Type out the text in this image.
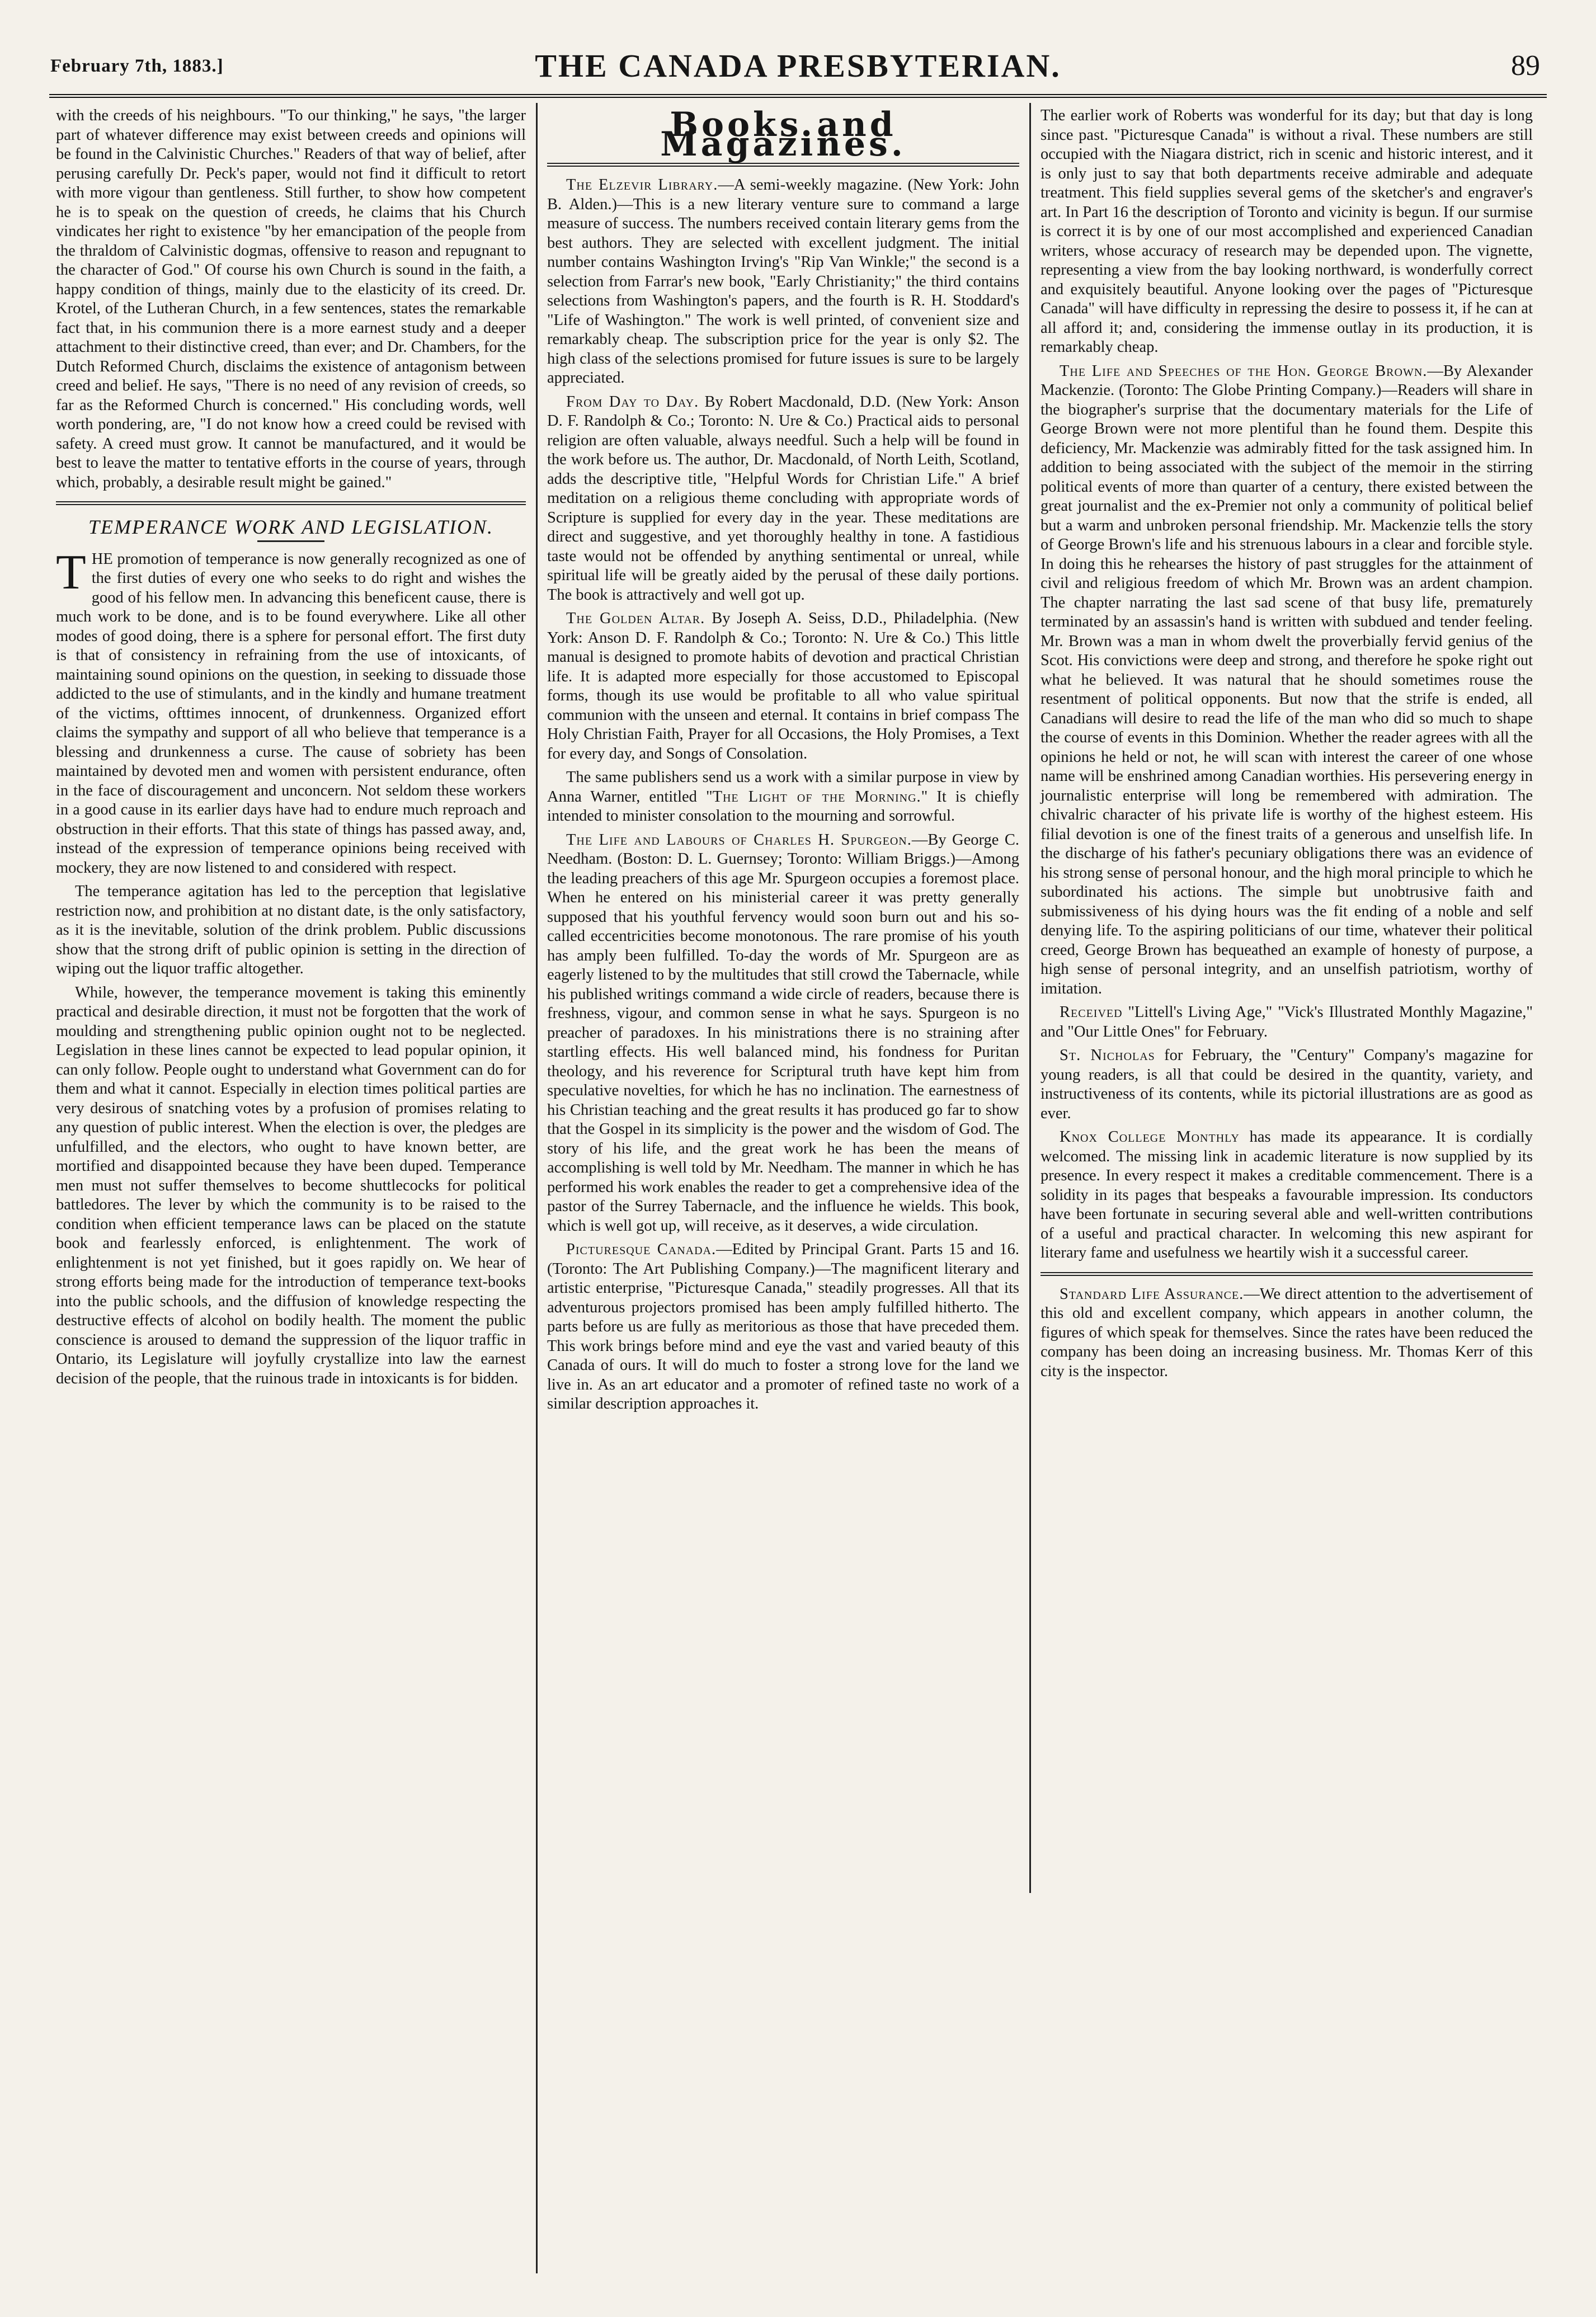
February 7th, 1883.]	THE CANADA PRESBYTERIAN.	89

with the creeds of his neighbours. "To our thinking," he says, "the larger part of whatever difference may exist between creeds and opinions will be found in the Calvinistic Churches." Readers of that way of belief, after perusing carefully Dr. Peck's paper, would not find it difficult to retort with more vigour than gentleness. Still further, to show how competent he is to speak on the question of creeds, he claims that his Church vindicates her right to existence "by her emancipation of the people from the thraldom of Calvinistic dogmas, offensive to reason and repugnant to the character of God." Of course his own Church is sound in the faith, a happy condition of things, mainly due to the elasticity of its creed. Dr. Krotel, of the Lutheran Church, in a few sentences, states the remarkable fact that, in his communion there is a more earnest study and a deeper attachment to their distinctive creed, than ever; and Dr. Chambers, for the Dutch Reformed Church, disclaims the existence of antagonism between creed and belief. He says, "There is no need of any revision of creeds, so far as the Reformed Church is concerned." His concluding words, well worth pondering, are, "I do not know how a creed could be revised with safety. A creed must grow. It cannot be manufactured, and it would be best to leave the matter to tentative efforts in the course of years, through which, probably, a desirable result might be gained."

TEMPERANCE WORK AND LEGISLATION.

THE promotion of temperance is now generally recognized as one of the first duties of every one who seeks to do right and wishes the good of his fellow men. In advancing this beneficent cause, there is much work to be done, and is to be found everywhere. Like all other modes of good doing, there is a sphere for personal effort. The first duty is that of consistency in refraining from the use of intoxicants, of maintaining sound opinions on the question, in seeking to dissuade those addicted to the use of stimulants, and in the kindly and humane treatment of the victims, ofttimes innocent, of drunkenness. Organized effort claims the sympathy and support of all who believe that temperance is a blessing and drunkenness a curse. The cause of sobriety has been maintained by devoted men and women with persistent endurance, often in the face of discouragement and unconcern. Not seldom these workers in a good cause in its earlier days have had to endure much reproach and obstruction in their efforts. That this state of things has passed away, and, instead of the expression of temperance opinions being received with mockery, they are now listened to and considered with respect.

The temperance agitation has led to the perception that legislative restriction now, and prohibition at no distant date, is the only satisfactory, as it is the inevitable, solution of the drink problem. Public discussions show that the strong drift of public opinion is setting in the direction of wiping out the liquor traffic altogether.

While, however, the temperance movement is taking this eminently practical and desirable direction, it must not be forgotten that the work of moulding and strengthening public opinion ought not to be neglected. Legislation in these lines cannot be expected to lead popular opinion, it can only follow. People ought to understand what Government can do for them and what it cannot. Especially in election times political parties are very desirous of snatching votes by a profusion of promises relating to any question of public interest. When the election is over, the pledges are unfulfilled, and the electors, who ought to have known better, are mortified and disappointed because they have been duped. Temperance men must not suffer themselves to become shuttlecocks for political battledores. The lever by which the community is to be raised to the condition when efficient temperance laws can be placed on the statute book and fearlessly enforced, is enlightenment. The work of enlightenment is not yet finished, but it goes rapidly on. We hear of strong efforts being made for the introduction of temperance text-books into the public schools, and the diffusion of knowledge respecting the destructive effects of alcohol on bodily health. The moment the public conscience is aroused to demand the suppression of the liquor traffic in Ontario, its Legislature will joyfully crystallize into law the earnest decision of the people, that the ruinous trade in intoxicants is for bidden.

Books and Magazines.

The Elzevir Library.—A semi-weekly magazine. (New York: John B. Alden.)—This is a new literary venture sure to command a large measure of success. The numbers received contain literary gems from the best authors. They are selected with excellent judgment. The initial number contains Washington Irving's "Rip Van Winkle;" the second is a selection from Farrar's new book, "Early Christianity;" the third contains selections from Washington's papers, and the fourth is R. H. Stoddard's "Life of Washington." The work is well printed, of convenient size and remarkably cheap. The subscription price for the year is only $2. The high class of the selections promised for future issues is sure to be largely appreciated.

From Day to Day. By Robert Macdonald, D.D. (New York: Anson D. F. Randolph & Co.; Toronto: N. Ure & Co.) Practical aids to personal religion are often valuable, always needful. Such a help will be found in the work before us. The author, Dr. Macdonald, of North Leith, Scotland, adds the descriptive title, "Helpful Words for Christian Life." A brief meditation on a religious theme concluding with appropriate words of Scripture is supplied for every day in the year. These meditations are direct and suggestive, and yet thoroughly healthy in tone. A fastidious taste would not be offended by anything sentimental or unreal, while spiritual life will be greatly aided by the perusal of these daily portions. The book is attractively and well got up.

The Golden Altar. By Joseph A. Seiss, D.D., Philadelphia. (New York: Anson D. F. Randolph & Co.; Toronto: N. Ure & Co.) This little manual is designed to promote habits of devotion and practical Christian life. It is adapted more especially for those accustomed to Episcopal forms, though its use would be profitable to all who value spiritual communion with the unseen and eternal. It contains in brief compass The Holy Christian Faith, Prayer for all Occasions, the Holy Promises, a Text for every day, and Songs of Consolation.

The same publishers send us a work with a similar purpose in view by Anna Warner, entitled "The Light of the Morning." It is chiefly intended to minister consolation to the mourning and sorrowful.

The Life and Labours of Charles H. Spurgeon.—By George C. Needham. (Boston: D. L. Guernsey; Toronto: William Briggs.)—Among the leading preachers of this age Mr. Spurgeon occupies a foremost place. When he entered on his ministerial career it was pretty generally supposed that his youthful fervency would soon burn out and his so-called eccentricities become monotonous. The rare promise of his youth has amply been fulfilled. To-day the words of Mr. Spurgeon are as eagerly listened to by the multitudes that still crowd the Tabernacle, while his published writings command a wide circle of readers, because there is freshness, vigour, and common sense in what he says. Spurgeon is no preacher of paradoxes. In his ministrations there is no straining after startling effects. His well balanced mind, his fondness for Puritan theology, and his reverence for Scriptural truth have kept him from speculative novelties, for which he has no inclination. The earnestness of his Christian teaching and the great results it has produced go far to show that the Gospel in its simplicity is the power and the wisdom of God. The story of his life, and the great work he has been the means of accomplishing is well told by Mr. Needham. The manner in which he has performed his work enables the reader to get a comprehensive idea of the pastor of the Surrey Tabernacle, and the influence he wields. This book, which is well got up, will receive, as it deserves, a wide circulation.

Picturesque Canada.—Edited by Principal Grant. Parts 15 and 16. (Toronto: The Art Publishing Company.)—The magnificent literary and artistic enterprise, "Picturesque Canada," steadily progresses. All that its adventurous projectors promised has been amply fulfilled hitherto. The parts before us are fully as meritorious as those that have preceded them. This work brings before mind and eye the vast and varied beauty of this Canada of ours. It will do much to foster a strong love for the land we live in. As an art educator and a promoter of refined taste no work of a similar description approaches it.

The earlier work of Roberts was wonderful for its day; but that day is long since past. "Picturesque Canada" is without a rival. These numbers are still occupied with the Niagara district, rich in scenic and historic interest, and it is only just to say that both departments receive admirable and adequate treatment. This field supplies several gems of the sketcher's and engraver's art. In Part 16 the description of Toronto and vicinity is begun. If our surmise is correct it is by one of our most accomplished and experienced Canadian writers, whose accuracy of research may be depended upon. The vignette, representing a view from the bay looking northward, is wonderfully correct and exquisitely beautiful. Anyone looking over the pages of "Picturesque Canada" will have difficulty in repressing the desire to possess it, if he can at all afford it; and, considering the immense outlay in its production, it is remarkably cheap.

The Life and Speeches of the Hon. George Brown.—By Alexander Mackenzie. (Toronto: The Globe Printing Company.)—Readers will share in the biographer's surprise that the documentary materials for the Life of George Brown were not more plentiful than he found them. Despite this deficiency, Mr. Mackenzie was admirably fitted for the task assigned him. In addition to being associated with the subject of the memoir in the stirring political events of more than quarter of a century, there existed between the great journalist and the ex-Premier not only a community of political belief but a warm and unbroken personal friendship. Mr. Mackenzie tells the story of George Brown's life and his strenuous labours in a clear and forcible style. In doing this he rehearses the history of past struggles for the attainment of civil and religious freedom of which Mr. Brown was an ardent champion. The chapter narrating the last sad scene of that busy life, prematurely terminated by an assassin's hand is written with subdued and tender feeling. Mr. Brown was a man in whom dwelt the proverbially fervid genius of the Scot. His convictions were deep and strong, and therefore he spoke right out what he believed. It was natural that he should sometimes rouse the resentment of political opponents. But now that the strife is ended, all Canadians will desire to read the life of the man who did so much to shape the course of events in this Dominion. Whether the reader agrees with all the opinions he held or not, he will scan with interest the career of one whose name will be enshrined among Canadian worthies. His persevering energy in journalistic enterprise will long be remembered with admiration. The chivalric character of his private life is worthy of the highest esteem. His filial devotion is one of the finest traits of a generous and unselfish life. In the discharge of his father's pecuniary obligations there was an evidence of his strong sense of personal honour, and the high moral principle to which he subordinated his actions. The simple but unobtrusive faith and submissiveness of his dying hours was the fit ending of a noble and self denying life. To the aspiring politicians of our time, whatever their political creed, George Brown has bequeathed an example of honesty of purpose, a high sense of personal integrity, and an unselfish patriotism, worthy of imitation.

Received "Littell's Living Age," "Vick's Illustrated Monthly Magazine," and "Our Little Ones" for February.

St. Nicholas for February, the "Century" Company's magazine for young readers, is all that could be desired in the quantity, variety, and instructiveness of its contents, while its pictorial illustrations are as good as ever.

Knox College Monthly has made its appearance. It is cordially welcomed. The missing link in academic literature is now supplied by its presence. In every respect it makes a creditable commencement. There is a solidity in its pages that bespeaks a favourable impression. Its conductors have been fortunate in securing several able and well-written contributions of a useful and practical character. In welcoming this new aspirant for literary fame and usefulness we heartily wish it a successful career.

Standard Life Assurance.—We direct attention to the advertisement of this old and excellent company, which appears in another column, the figures of which speak for themselves. Since the rates have been reduced the company has been doing an increasing business. Mr. Thomas Kerr of this city is the inspector.
